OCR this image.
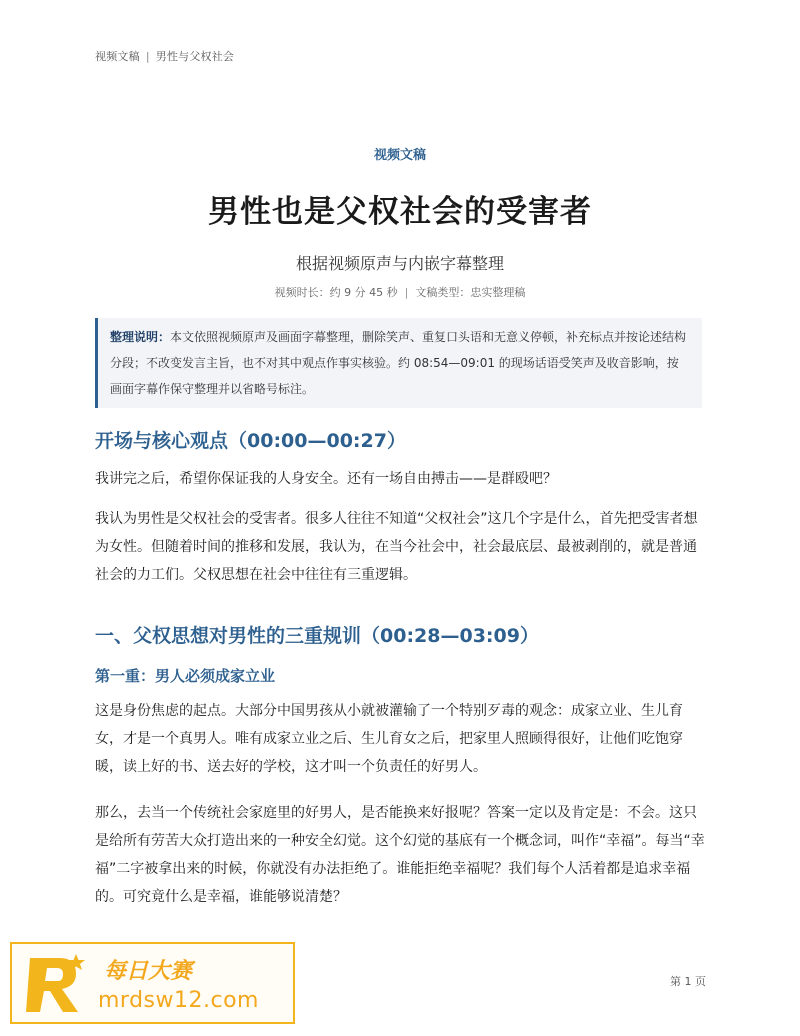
视频文稿 | 男性与父权社会
视频文稿
男性也是父权社会的受害者
根据视频原声与内嵌字幕整理
视频时长：约 9 分 45 秒 | 文稿类型：忠实整理稿
整理说明：本文依照视频原声及画面字幕整理，删除笑声、重复口头语和无意义停顿，补充标点并按论述结构分段；不改变发言主旨，也不对其中观点作事实核验。约 08:54—09:01 的现场话语受笑声及收音影响，按画面字幕作保守整理并以省略号标注。
开场与核心观点（00:00—00:27）

我讲完之后，希望你保证我的人身安全。还有一场自由搏击——是群殴吧？

我认为男性是父权社会的受害者。很多人往往不知道“父权社会”这几个字是什么，首先把受害者想为女性。但随着时间的推移和发展，我认为，在当今社会中，社会最底层、最被剥削的，就是普通社会的力工们。父权思想在社会中往往有三重逻辑。

一、父权思想对男性的三重规训（00:28—03:09）
第一重：男人必须成家立业

这是身份焦虑的起点。大部分中国男孩从小就被灌输了一个特别歹毒的观念：成家立业、生儿育女，才是一个真男人。唯有成家立业之后、生儿育女之后，把家里人照顾得很好，让他们吃饱穿暖，读上好的书、送去好的学校，这才叫一个负责任的好男人。

那么，去当一个传统社会家庭里的好男人，是否能换来好报呢？答案一定以及肯定是：不会。这只是给所有劳苦大众打造出来的一种安全幻觉。这个幻觉的基底有一个概念词，叫作“幸福”。每当“幸福”二字被拿出来的时候，你就没有办法拒绝了。谁能拒绝幸福呢？我们每个人活着都是追求幸福的。可究竟什么是幸福，谁能够说清楚？

第 1 页
每日大赛
mrdsw12.com
